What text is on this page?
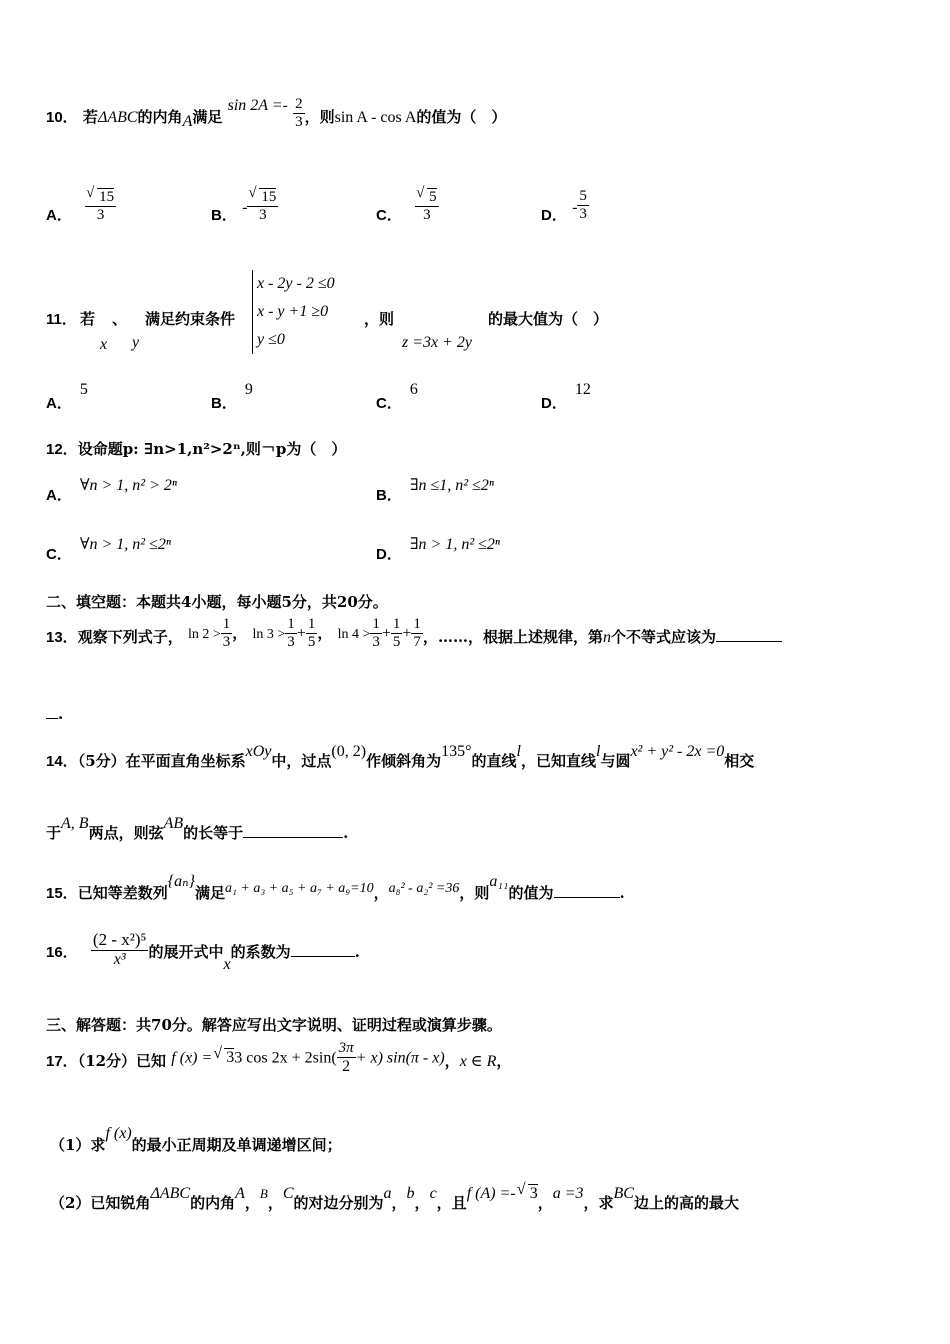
10． 若ΔABC的内角A满足 $\sin 2A =- \frac{2}{3}$ ，则sin A - cos A的值为（　）
A． √ $\frac{15}{3}$	B． - √ $\frac{15}{3}$	C． √ $\frac{5}{3}$	D． - $\frac{5}{3}$
11． 若 、
x y
满足约束条件
x - 2y - 2 ≤0
x - y +1 ≥0
y ≤0
，则
z =3x + 2y
的最大值为（　）
A．5
B．9
C．6
D．12
12．设命题p: ∃n>1,n²>2ⁿ,则￢p为（　）
A．∀n > 1, n² > 2ⁿ
B．∃n ≤1, n² ≤2ⁿ
C．∀n > 1, n² ≤2ⁿ
D．∃n > 1, n² ≤2ⁿ
二、填空题：本题共4小题，每小题5分，共20分。
13．观察下列式子， $\ln 2 > \frac{1}{3}$ ， $\ln 3 > \frac{1}{3} + \frac{1}{5}$ ， $\ln 4 > \frac{1}{3} + \frac{1}{5} + \frac{1}{7}$ ，……，根据上述规律，第n个不等式应该为
.
14．（5分）在平面直角坐标系xOy中，过点(0, 2)作倾斜角为135°的直线l，已知直线l与圆x² + y² - 2x =0相交
于A, B两点，则弦AB的长等于	.
15．已知等差数列{aₙ}满足a₁ + a₃ + a₅ + a₇ + a₉=10，a₈² - a₂² =36，则a₁₁的值为	.
16． $\frac{\text{(2 - x²)⁵}}{\text{x³}}$ 的展开式中x的系数为	.
三、解答题：共70分。解答应写出文字说明、证明过程或演算步骤。
17．（12分）已知 f (x) = √ 33 $\cos 2x + 2\sin( \frac{3\pi}{2} + x)$ sin(π - x)，x ∈ R，
（1）求f (x)的最小正周期及单调递增区间；
（2）已知锐角ΔABC的内角A，B，C的对边分别为a，b，c，且f (A) =- √ 3，a =3，求BC边上的高的最大
